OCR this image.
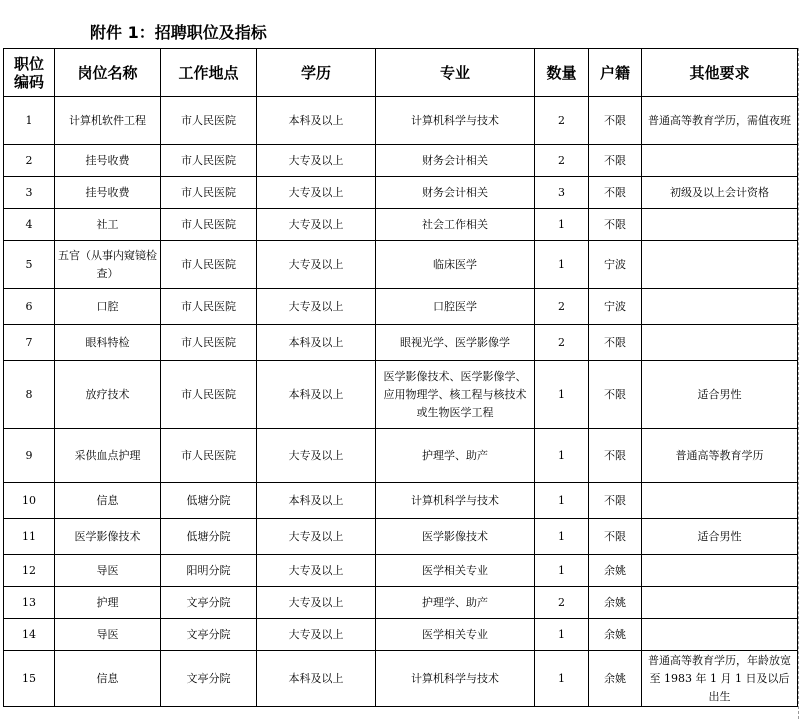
附件 1：招聘职位及指标
职位编码	岗位名称	工作地点	学历	专业	数量	户籍	其他要求
1	计算机软件工程	市人民医院	本科及以上	计算机科学与技术	2	不限	普通高等教育学历，需值夜班
2	挂号收费	市人民医院	大专及以上	财务会计相关	2	不限	
3	挂号收费	市人民医院	大专及以上	财务会计相关	3	不限	初级及以上会计资格
4	社工	市人民医院	大专及以上	社会工作相关	1	不限	
5	五官（从事内窥镜检查）	市人民医院	大专及以上	临床医学	1	宁波	
6	口腔	市人民医院	大专及以上	口腔医学	2	宁波	
7	眼科特检	市人民医院	本科及以上	眼视光学、医学影像学	2	不限	
8	放疗技术	市人民医院	本科及以上	医学影像技术、医学影像学、应用物理学、核工程与核技术或生物医学工程	1	不限	适合男性
9	采供血点护理	市人民医院	大专及以上	护理学、助产	1	不限	普通高等教育学历
10	信息	低塘分院	本科及以上	计算机科学与技术	1	不限	
11	医学影像技术	低塘分院	大专及以上	医学影像技术	1	不限	适合男性
12	导医	阳明分院	大专及以上	医学相关专业	1	余姚	
13	护理	文亭分院	大专及以上	护理学、助产	2	余姚	
14	导医	文亭分院	大专及以上	医学相关专业	1	余姚	
15	信息	文亭分院	本科及以上	计算机科学与技术	1	余姚	普通高等教育学历，年龄放宽至 1983 年 1 月 1 日及以后出生
